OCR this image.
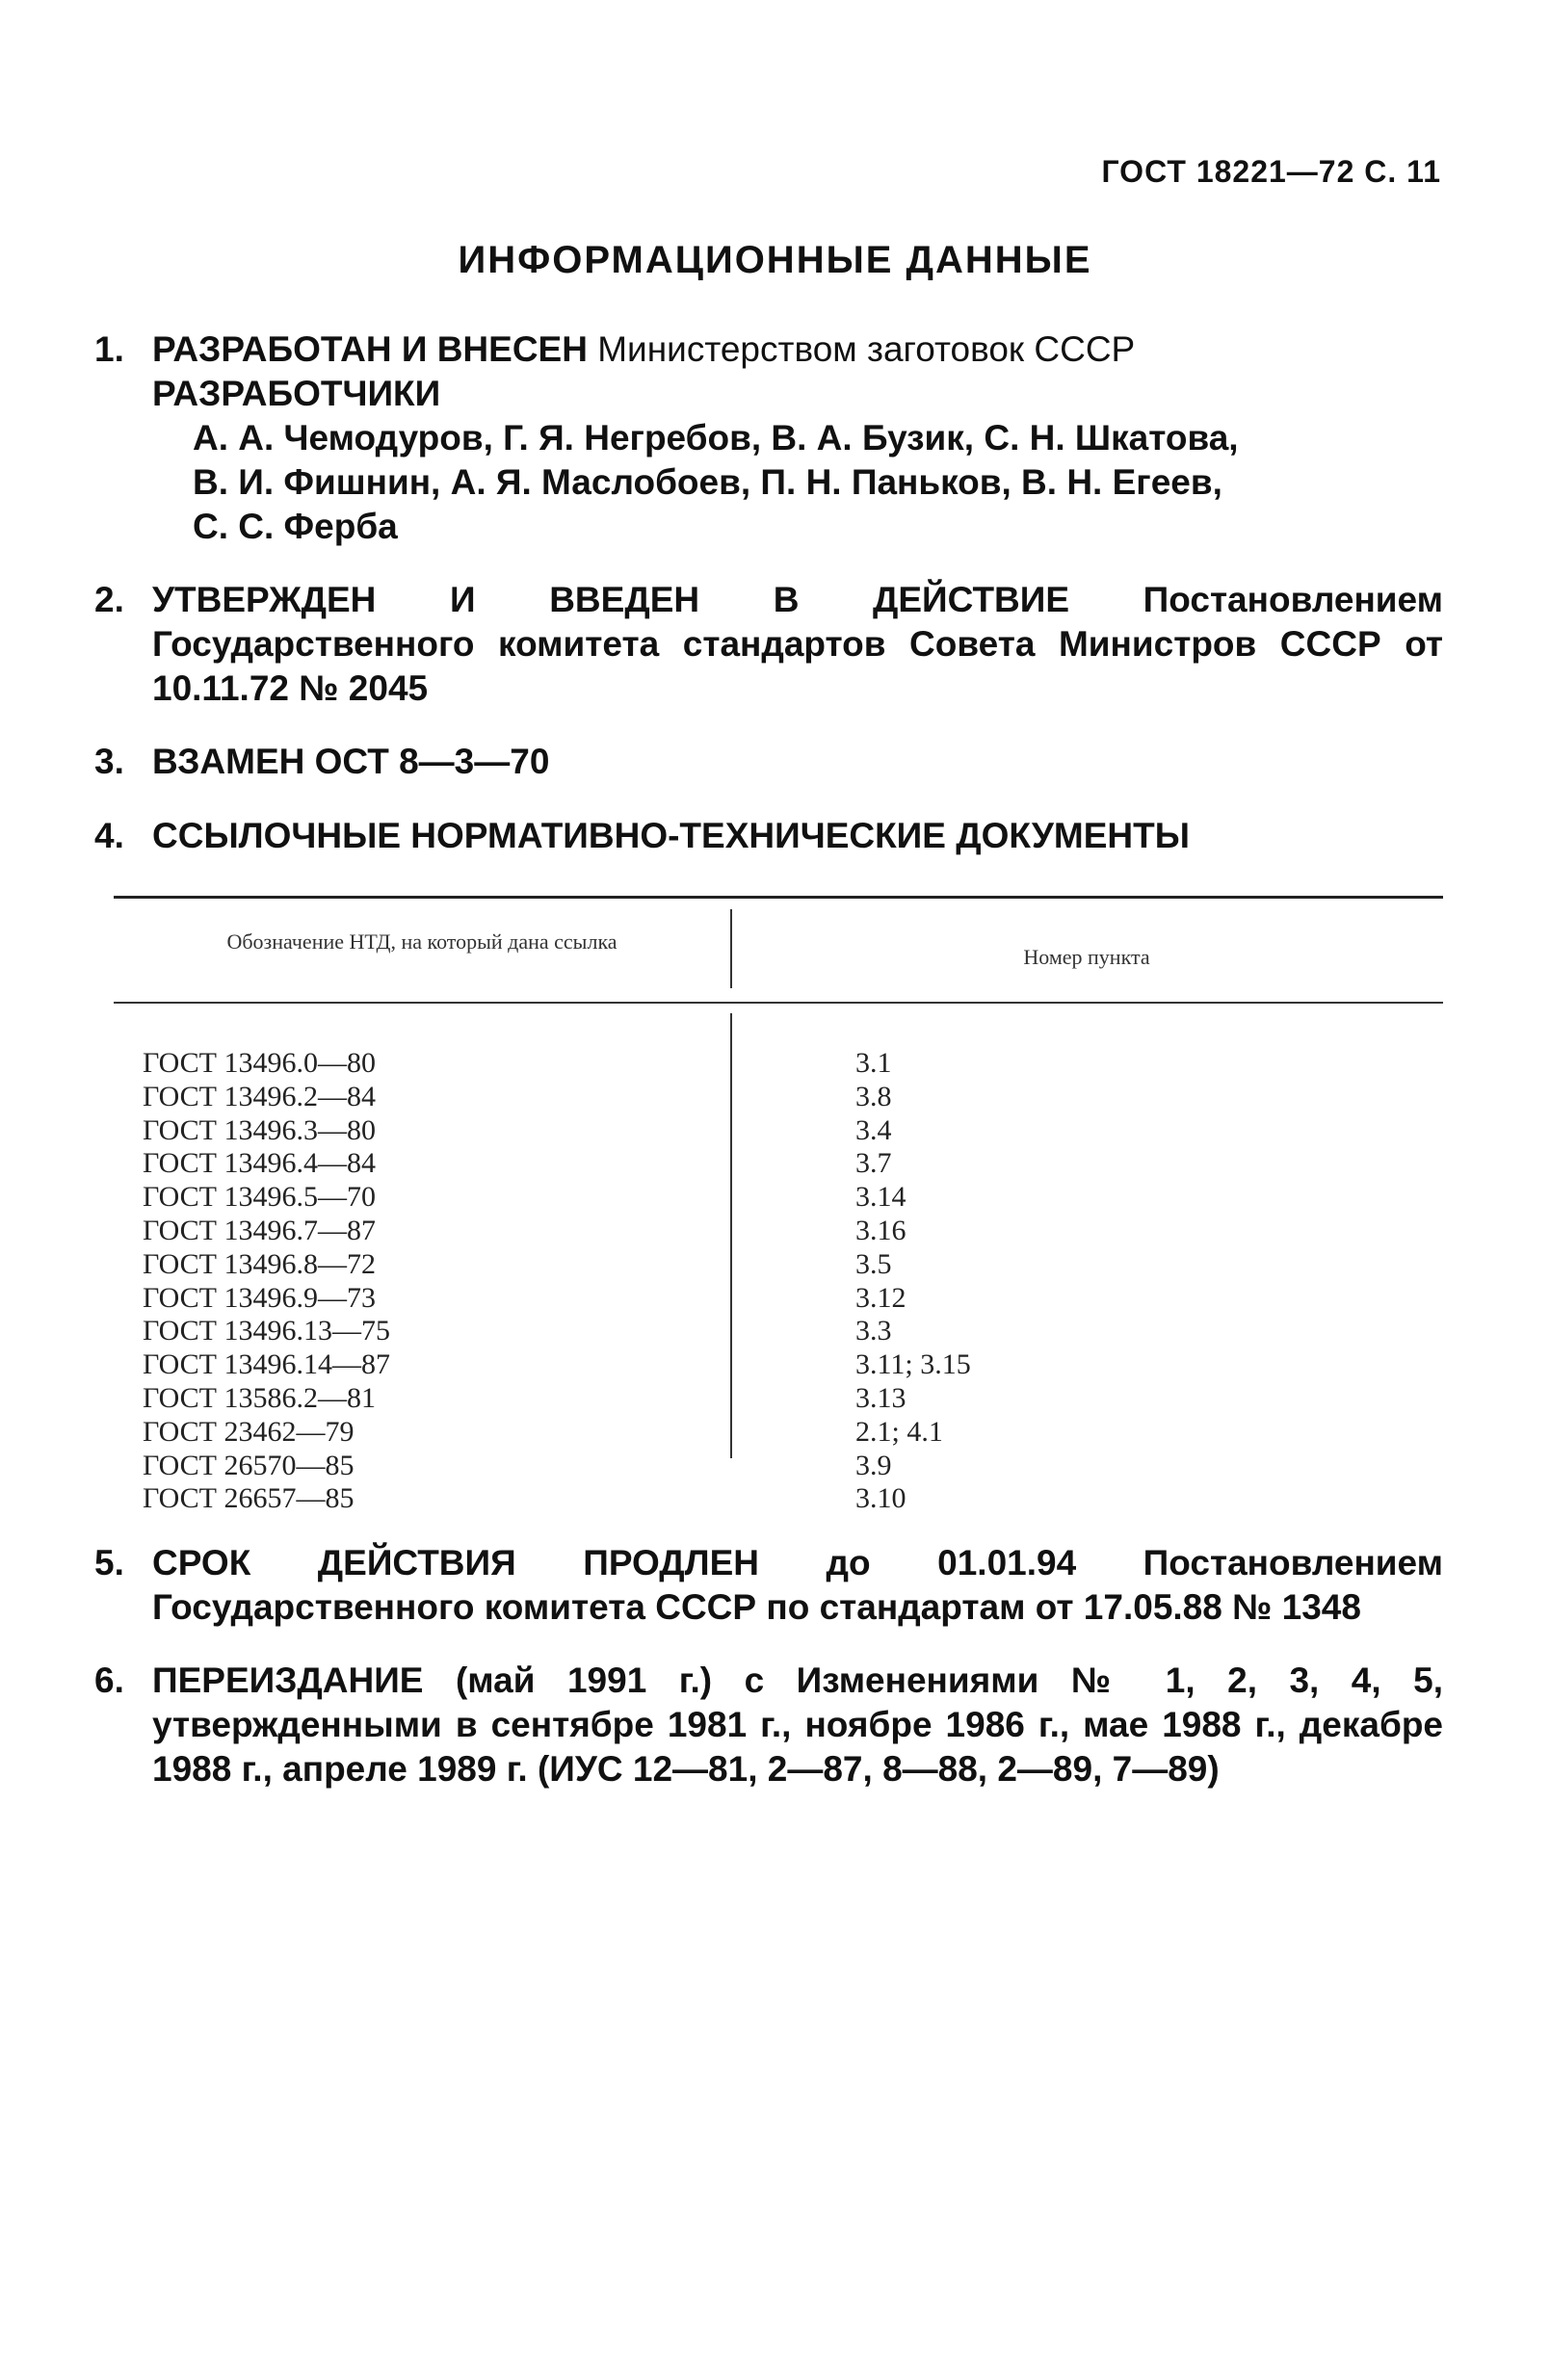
ГОСТ 18221—72 С. 11
ИНФОРМАЦИОННЫЕ ДАННЫЕ
1. РАЗРАБОТАН И ВНЕСЕН Министерством заготовок СССР
РАЗРАБОТЧИКИ
А. А. Чемодуров, Г. Я. Негребов, В. А. Бузик, С. Н. Шкатова,
В. И. Фишнин, А. Я. Маслобоев, П. Н. Паньков, В. Н. Егеев,
С. С. Ферба
2. УТВЕРЖДЕН И ВВЕДЕН В ДЕЙСТВИЕ Постановлением Государственного комитета стандартов Совета Министров СССР от 10.11.72 № 2045
3. ВЗАМЕН ОСТ 8—3—70
4. ССЫЛОЧНЫЕ НОРМАТИВНО-ТЕХНИЧЕСКИЕ ДОКУМЕНТЫ
Обозначение НТД, на который дана ссылка
Номер пункта
ГОСТ 13496.0—80
ГОСТ 13496.2—84
ГОСТ 13496.3—80
ГОСТ 13496.4—84
ГОСТ 13496.5—70
ГОСТ 13496.7—87
ГОСТ 13496.8—72
ГОСТ 13496.9—73
ГОСТ 13496.13—75
ГОСТ 13496.14—87
ГОСТ 13586.2—81
ГОСТ 23462—79
ГОСТ 26570—85
ГОСТ 26657—85
3.1
3.8
3.4
3.7
3.14
3.16
3.5
3.12
3.3
3.11; 3.15
3.13
2.1; 4.1
3.9
3.10
5. СРОК ДЕЙСТВИЯ ПРОДЛЕН до 01.01.94 Постановлением Государственного комитета СССР по стандартам от 17.05.88 № 1348
6. ПЕРЕИЗДАНИЕ (май 1991 г.) с Изменениями № 1, 2, 3, 4, 5, утвержденными в сентябре 1981 г., ноябре 1986 г., мае 1988 г., декабре 1988 г., апреле 1989 г. (ИУС 12—81, 2—87, 8—88, 2—89, 7—89)
